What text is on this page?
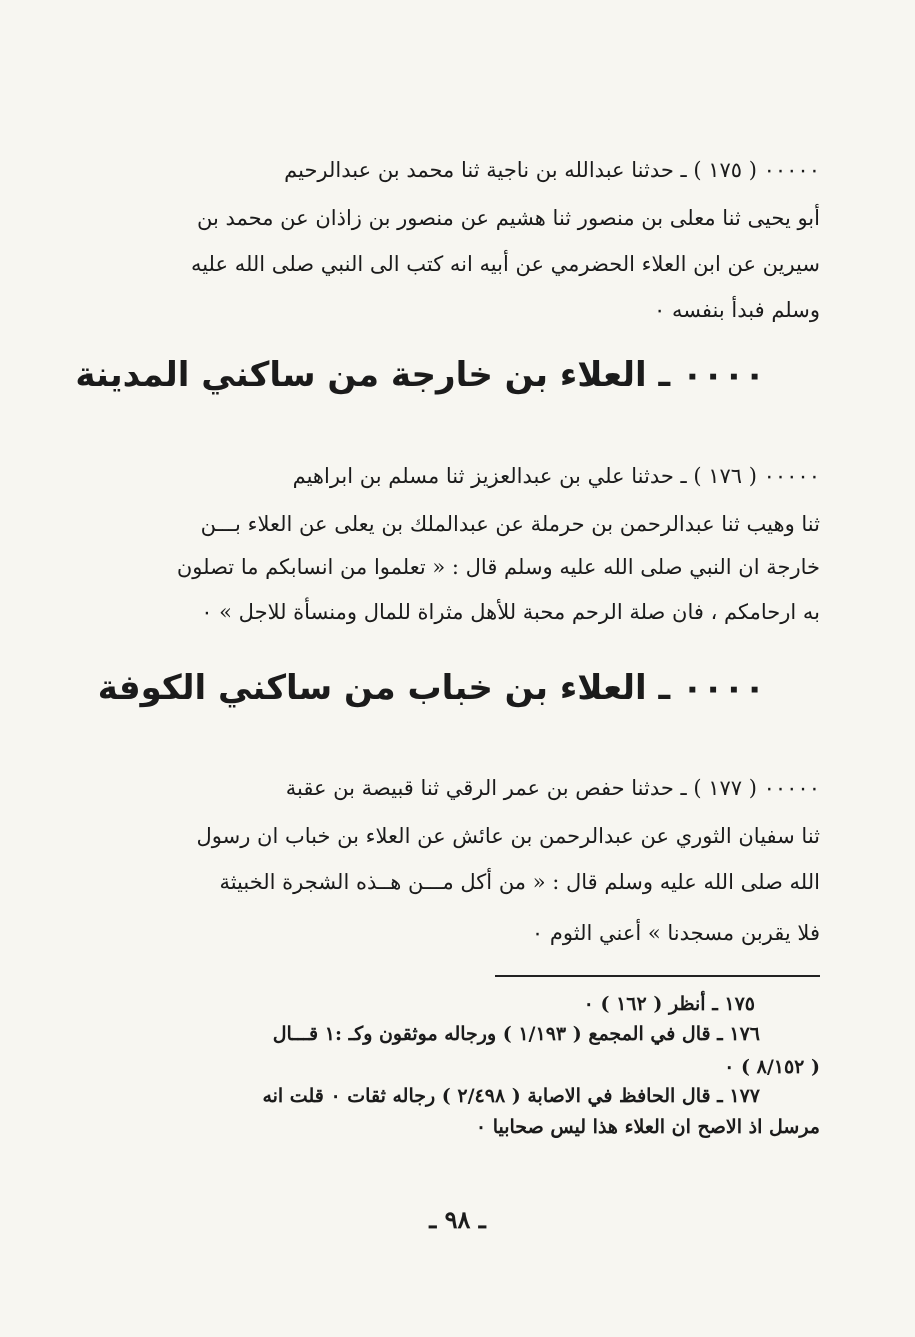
٠٠٠٠٠ ( ١٧٥ ) ـ حدثنا عبدالله بن ناجية ثنا محمد بن عبدالرحيم
أبو يحيى ثنا معلى بن منصور ثنا هشيم عن منصور بن زاذان عن محمد بن
سيرين عن ابن العلاء الحضرمي عن أبيه انه كتب الى النبي صلى الله عليه
وسلم فبدأ بنفسه ٠
٠٠٠٠ ـ العلاء بن خارجة من ساكني المدينة
٠٠٠٠٠ ( ١٧٦ ) ـ حدثنا علي بن عبدالعزيز ثنا مسلم بن ابراهيم
ثنا وهيب ثنا عبدالرحمن بن حرملة عن عبدالملك بن يعلى عن العلاء بـــن
خارجة ان النبي صلى الله عليه وسلم قال : « تعلموا من انسابكم ما تصلون
به ارحامكم ، فان صلة الرحم محبة للأهل مثراة للمال ومنسأة للاجل » ٠
٠٠٠٠ ـ العلاء بن خباب من ساكني الكوفة
٠٠٠٠٠ ( ١٧٧ ) ـ حدثنا حفص بن عمر الرقي ثنا قبيصة بن عقبة
ثنا سفيان الثوري عن عبدالرحمن بن عائش عن العلاء بن خباب ان رسول
الله صلى الله عليه وسلم قال : « من أكل مـــن هــذه الشجرة الخبيثة
فلا يقربن مسجدنا » أعني الثوم ٠
١٧٥ ـ أنظر ( ١٦٢ ) ٠
١٧٦ ـ قال في المجمع ( ١/١٩٣ ) ورجاله موثقون وكـ :١ قـــال
( ٨/١٥٢ ) ٠
١٧٧ ـ قال الحافظ في الاصابة ( ٢/٤٩٨ ) رجاله ثقات ٠ قلت انه
مرسل اذ الاصح ان العلاء هذا ليس صحابيا ٠
ـ ٩٨ ـ
